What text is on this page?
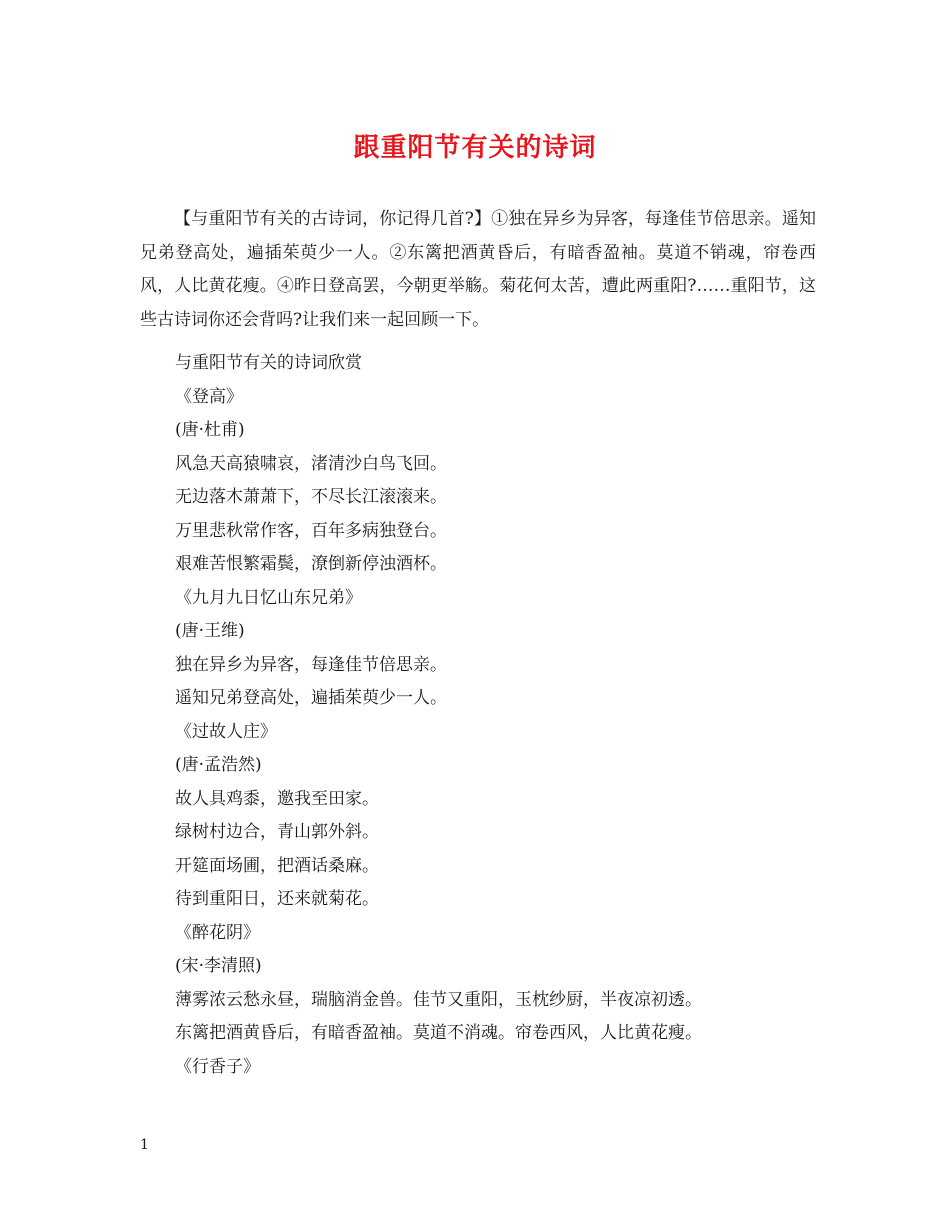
跟重阳节有关的诗词

【与重阳节有关的古诗词，你记得几首?】①独在异乡为异客，每逢佳节倍思亲。遥知兄弟登高处，遍插茱萸少一人。②东篱把酒黄昏后，有暗香盈袖。莫道不销魂，帘卷西风，人比黄花瘦。④昨日登高罢，今朝更举觞。菊花何太苦，遭此两重阳?……重阳节，这些古诗词你还会背吗?让我们来一起回顾一下。

与重阳节有关的诗词欣赏
《登高》
(唐·杜甫)
风急天高猿啸哀，渚清沙白鸟飞回。
无边落木萧萧下，不尽长江滚滚来。
万里悲秋常作客，百年多病独登台。
艰难苦恨繁霜鬓，潦倒新停浊酒杯。
《九月九日忆山东兄弟》
(唐·王维)
独在异乡为异客，每逢佳节倍思亲。
遥知兄弟登高处，遍插茱萸少一人。
《过故人庄》
(唐·孟浩然)
故人具鸡黍，邀我至田家。
绿树村边合，青山郭外斜。
开筵面场圃，把酒话桑麻。
待到重阳日，还来就菊花。
《醉花阴》
(宋·李清照)
薄雾浓云愁永昼，瑞脑消金兽。佳节又重阳，玉枕纱厨，半夜凉初透。
东篱把酒黄昏后，有暗香盈袖。莫道不消魂。帘卷西风，人比黄花瘦。
《行香子》
1
